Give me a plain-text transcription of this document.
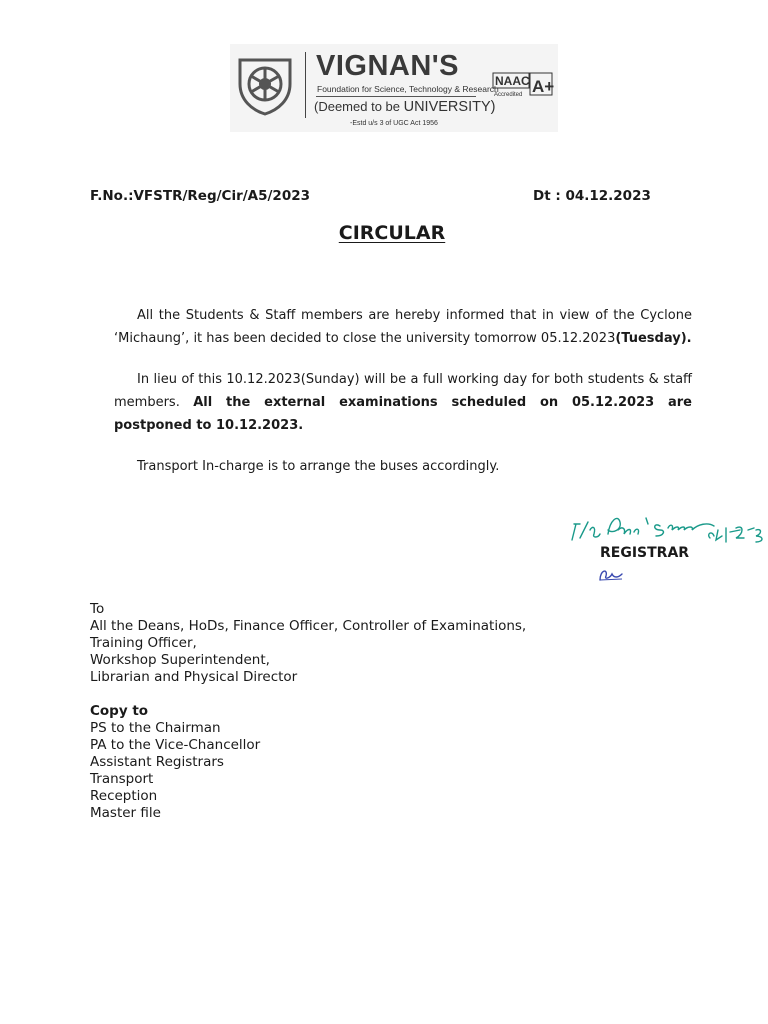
VIGNAN'S
Foundation for Science, Technology & Research
(Deemed to be UNIVERSITY)
-Estd u/s 3 of UGC Act 1956
NAAC A+
Accredited
F.No.:VFSTR/Reg/Cir/A5/2023	Dt : 04.12.2023
CIRCULAR
All the Students & Staff members are hereby informed that in view of the Cyclone ‘Michaung’, it has been decided to close the university tomorrow 05.12.2023(Tuesday).
In lieu of this 10.12.2023(Sunday) will be a full working day for both students & staff members. All the external examinations scheduled on 05.12.2023 are postponed to 10.12.2023.
Transport In-charge is to arrange the buses accordingly.
REGISTRAR
To
All the Deans, HoDs, Finance Officer, Controller of Examinations,
Training Officer,
Workshop Superintendent,
Librarian and Physical Director
Copy to
PS to the Chairman
PA to the Vice-Chancellor
Assistant Registrars
Transport
Reception
Master file
